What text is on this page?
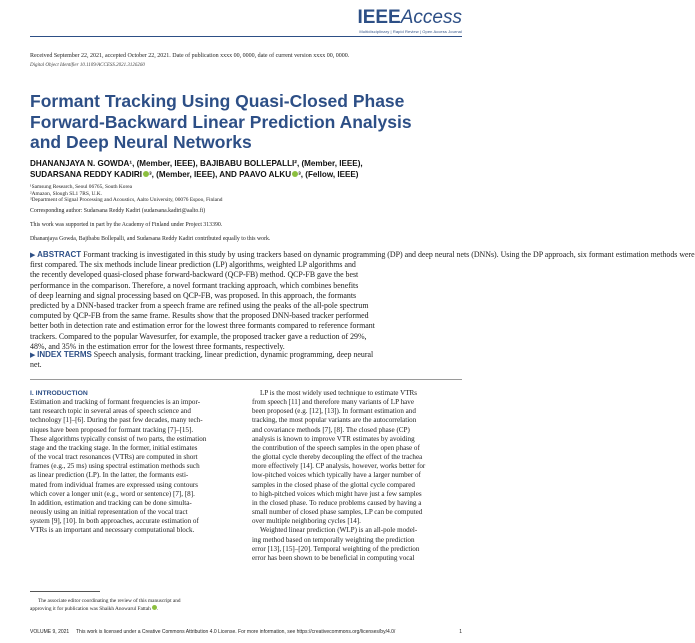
IEEEAccess
Multidisciplinary | Rapid Review | Open Access Journal
Received September 22, 2021, accepted October 22, 2021. Date of publication xxxx 00, 0000, date of current version xxxx 00, 0000.
Digital Object Identifier 10.1109/ACCESS.2021.3126260
Formant Tracking Using Quasi-Closed Phase
Forward-Backward Linear Prediction Analysis
and Deep Neural Networks
DHANANJAYA N. GOWDA¹, (Member, IEEE), BAJIBABU BOLLEPALLI², (Member, IEEE),
SUDARSANA REDDY KADIRI ³, (Member, IEEE), AND PAAVO ALKU ³, (Fellow, IEEE)
¹Samsung Research, Seoul 06765, South Korea
²Amazon, Slough SL1 7RS, U.K.
³Department of Signal Processing and Acoustics, Aalto University, 00076 Espoo, Finland
Corresponding author: Sudarsana Reddy Kadiri (sudarsana.kadiri@aalto.fi)
This work was supported in part by the Academy of Finland under Project 313390.
Dhananjaya Gowda, Bajibabu Bollepalli, and Sudarsana Reddy Kadiri contributed equally to this work.
▶ ABSTRACT Formant tracking is investigated in this study by using trackers based on dynamic programming (DP) and deep neural nets (DNNs). Using the DP approach, six formant estimation methods were
first compared. The six methods include linear prediction (LP) algorithms, weighted LP algorithms and
the recently developed quasi-closed phase forward-backward (QCP-FB) method. QCP-FB gave the best
performance in the comparison. Therefore, a novel formant tracking approach, which combines benefits
of deep learning and signal processing based on QCP-FB, was proposed. In this approach, the formants
predicted by a DNN-based tracker from a speech frame are refined using the peaks of the all-pole spectrum
computed by QCP-FB from the same frame. Results show that the proposed DNN-based tracker performed
better both in detection rate and estimation error for the lowest three formants compared to reference formant
trackers. Compared to the popular Wavesurfer, for example, the proposed tracker gave a reduction of 29%,
48%, and 35% in the estimation error for the lowest three formants, respectively.
▶ INDEX TERMS Speech analysis, formant tracking, linear prediction, dynamic programming, deep neural
net.
I. INTRODUCTION
Estimation and tracking of formant frequencies is an impor-
tant research topic in several areas of speech science and
technology [1]–[6]. During the past few decades, many tech-
niques have been proposed for formant tracking [7]–[15].
These algorithms typically consist of two parts, the estimation
stage and the tracking stage. In the former, initial estimates
of the vocal tract resonances (VTRs) are computed in short
frames (e.g., 25 ms) using spectral estimation methods such
as linear prediction (LP). In the latter, the formants esti-
mated from individual frames are expressed using contours
which cover a longer unit (e.g., word or sentence) [7], [8].
In addition, estimation and tracking can be done simulta-
neously using an initial representation of the vocal tract
system [9], [10]. In both approaches, accurate estimation of
VTRs is an important and necessary computational block.
LP is the most widely used technique to estimate VTRs
from speech [11] and therefore many variants of LP have
been proposed (e.g. [12], [13]). In formant estimation and
tracking, the most popular variants are the autocorrelation
and covariance methods [7], [8]. The closed phase (CP)
analysis is known to improve VTR estimates by avoiding
the contribution of the speech samples in the open phase of
the glottal cycle thereby decoupling the effect of the trachea
more effectively [14]. CP analysis, however, works better for
low-pitched voices which typically have a larger number of
samples in the closed phase of the glottal cycle compared
to high-pitched voices which might have just a few samples
in the closed phase. To reduce problems caused by having a
small number of closed phase samples, LP can be computed
over multiple neighboring cycles [14].
Weighted linear prediction (WLP) is an all-pole model-
ing method based on temporally weighting the prediction
error [13], [15]–[20]. Temporal weighting of the prediction
error has been shown to be beneficial in computing vocal
The associate editor coordinating the review of this manuscript and
approving it for publication was Shaikh Anowarul Fattah .
VOLUME 9, 2021 This work is licensed under a Creative Commons Attribution 4.0 License. For more information, see https://creativecommons.org/licenses/by/4.0/	1
